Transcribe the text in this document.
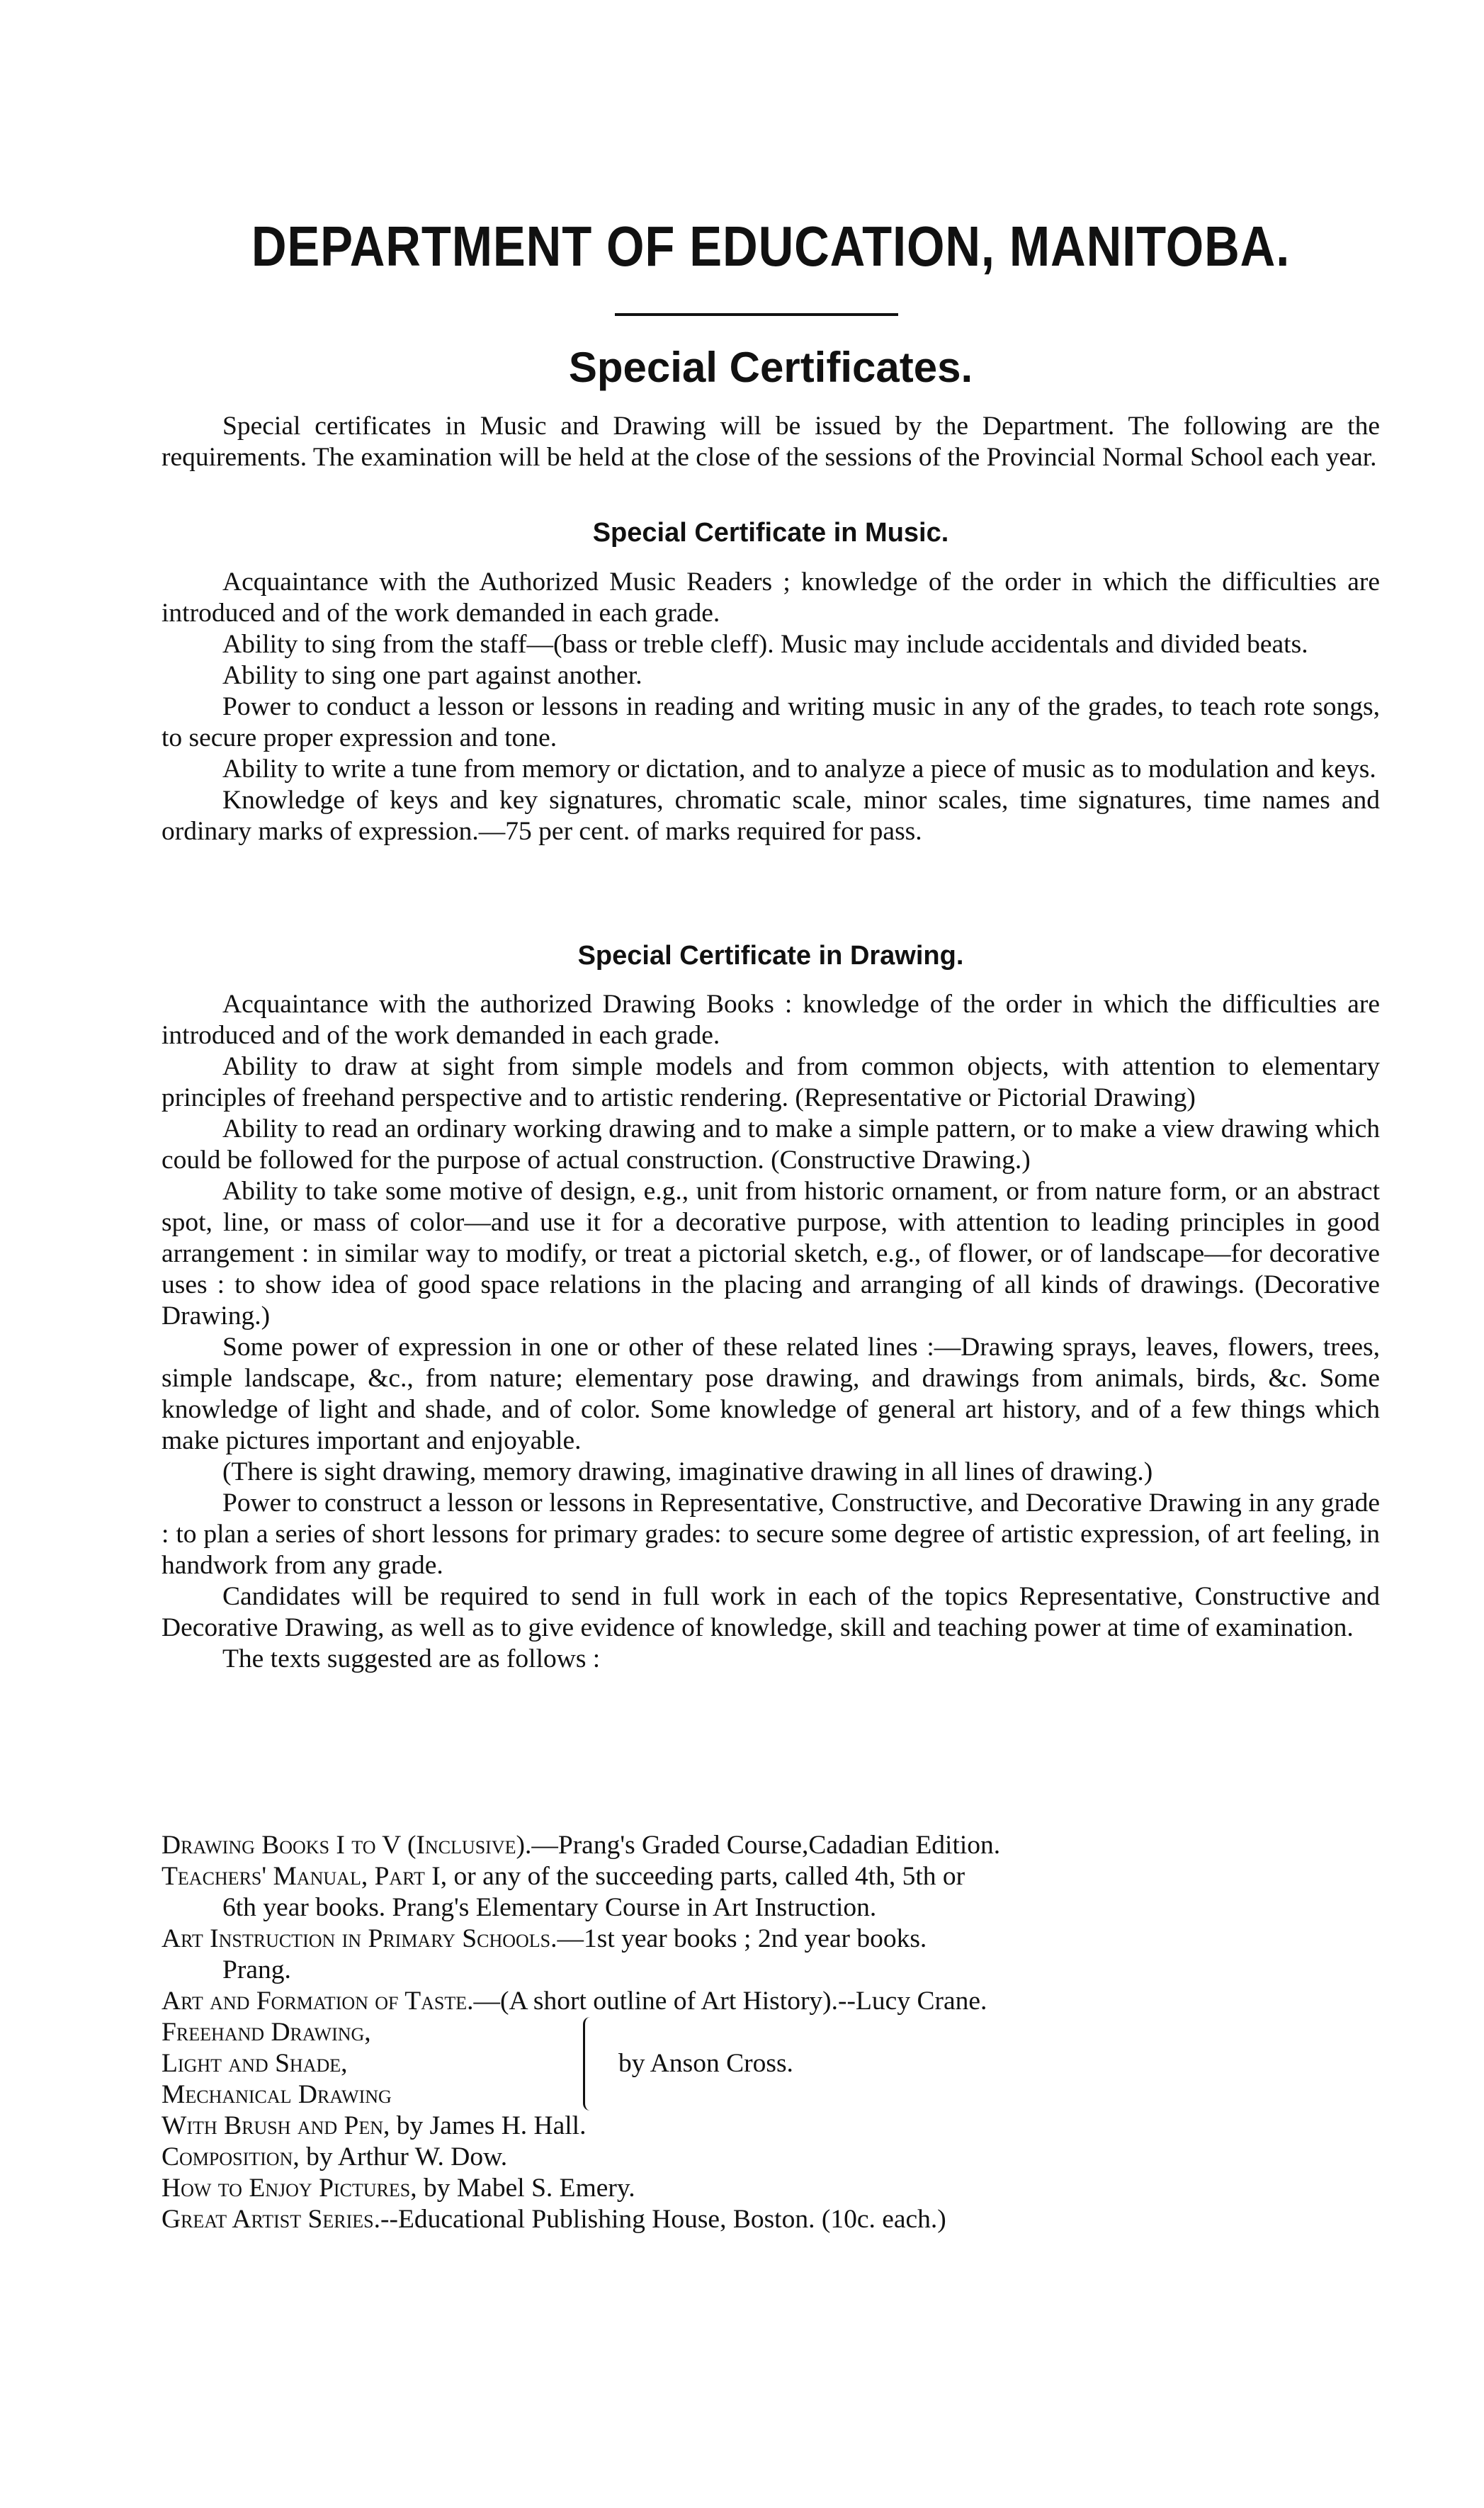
DEPARTMENT OF EDUCATION, MANITOBA.
Special Certificates.

Special certificates in Music and Drawing will be issued by the Department. The following are the requirements. The examination will be held at the close of the sessions of the Provincial Normal School each year.

Special Certificate in Music.

Acquaintance with the Authorized Music Readers ; knowledge of the order in which the difficulties are introduced and of the work demanded in each grade.

Ability to sing from the staff—(bass or treble cleff). Music may include accidentals and divided beats.

Ability to sing one part against another.

Power to conduct a lesson or lessons in reading and writing music in any of the grades, to teach rote songs, to secure proper expression and tone.

Ability to write a tune from memory or dictation, and to analyze a piece of music as to modulation and keys.

Knowledge of keys and key signatures, chromatic scale, minor scales, time signatures, time names and ordinary marks of expression.—75 per cent. of marks required for pass.

Special Certificate in Drawing.

Acquaintance with the authorized Drawing Books : knowledge of the order in which the difficulties are introduced and of the work demanded in each grade.

Ability to draw at sight from simple models and from common objects, with attention to elementary principles of freehand perspective and to artistic rendering. (Representative or Pictorial Drawing)

Ability to read an ordinary working drawing and to make a simple pattern, or to make a view drawing which could be followed for the purpose of actual construction. (Constructive Drawing.)

Ability to take some motive of design, e.g., unit from historic ornament, or from nature form, or an abstract spot, line, or mass of color—and use it for a decorative purpose, with attention to leading principles in good arrangement : in similar way to modify, or treat a pictorial sketch, e.g., of flower, or of landscape—for decorative uses : to show idea of good space relations in the placing and arranging of all kinds of drawings. (Decorative Drawing.)

Some power of expression in one or other of these related lines :—Drawing sprays, leaves, flowers, trees, simple landscape, &c., from nature; elementary pose drawing, and drawings from animals, birds, &c. Some knowledge of light and shade, and of color. Some knowledge of general art history, and of a few things which make pictures important and enjoyable.

(There is sight drawing, memory drawing, imaginative drawing in all lines of drawing.)

Power to construct a lesson or lessons in Representative, Constructive, and Decorative Drawing in any grade : to plan a series of short lessons for primary grades: to secure some degree of artistic expression, of art feeling, in handwork from any grade.

Candidates will be required to send in full work in each of the topics Representative, Constructive and Decorative Drawing, as well as to give evidence of knowledge, skill and teaching power at time of examination.

The texts suggested are as follows :

Drawing Books I to V (Inclusive).—Prang's Graded Course,Cadadian Edition.
Teachers' Manual, Part I, or any of the succeeding parts, called 4th, 5th or
6th year books. Prang's Elementary Course in Art Instruction.
Art Instruction in Primary Schools.—1st year books ; 2nd year books.
Prang.
Art and Formation of Taste.—(A short outline of Art History).--Lucy Crane.
Freehand Drawing,
Light and Shade,
Mechanical Drawing
by Anson Cross.
With Brush and Pen, by James H. Hall.
Composition, by Arthur W. Dow.
How to Enjoy Pictures, by Mabel S. Emery.
Great Artist Series.--Educational Publishing House, Boston. (10c. each.)
